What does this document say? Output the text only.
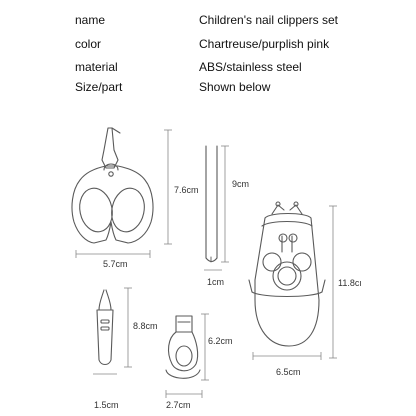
name	Children's nail clippers set
color	Chartreuse/purplish pink
material	ABS/stainless steel
Size/part	Shown below
7.6cm
5.7cm
9cm
1cm	11.8cı
6.5cm
8.8cm
1.5cm
6.2cm
2.7cm
